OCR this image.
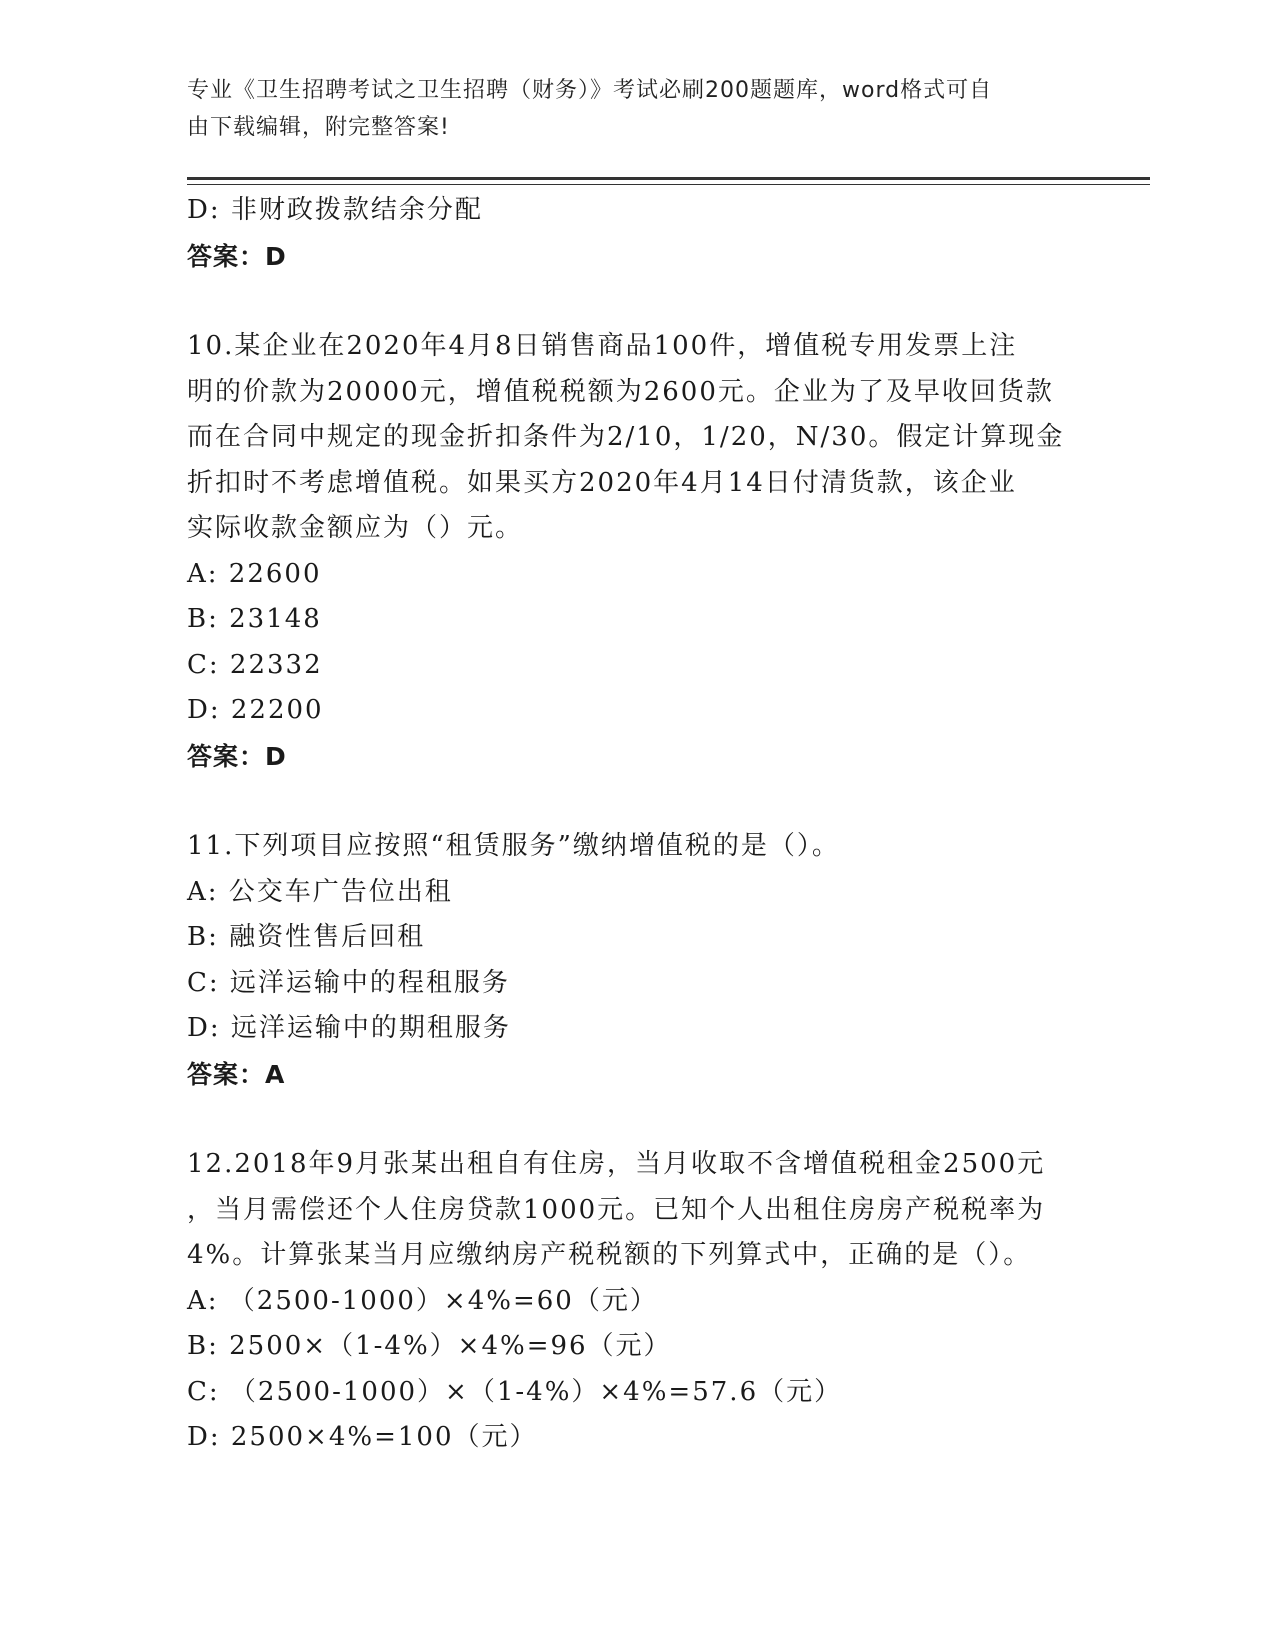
专业《卫生招聘考试之卫生招聘（财务）》考试必刷200题题库，word格式可自
由下载编辑，附完整答案!
D: 非财政拨款结余分配
答案：D
10.某企业在2020年4月8日销售商品100件，增值税专用发票上注
明的价款为20000元，增值税税额为2600元。企业为了及早收回货款
而在合同中规定的现金折扣条件为2/10，1/20，N/30。假定计算现金
折扣时不考虑增值税。如果买方2020年4月14日付清货款，该企业
实际收款金额应为（）元。
A: 22600
B: 23148
C: 22332
D: 22200
答案：D
11.下列项目应按照“租赁服务”缴纳增值税的是（）。
A: 公交车广告位出租
B: 融资性售后回租
C: 远洋运输中的程租服务
D: 远洋运输中的期租服务
答案：A
12.2018年9月张某出租自有住房，当月收取不含增值税租金2500元
，当月需偿还个人住房贷款1000元。已知个人出租住房房产税税率为
4%。计算张某当月应缴纳房产税税额的下列算式中，正确的是（）。
A: （2500-1000）×4%=60（元）
B: 2500×（1-4%）×4%=96（元）
C: （2500-1000）×（1-4%）×4%=57.6（元）
D: 2500×4%=100（元）
